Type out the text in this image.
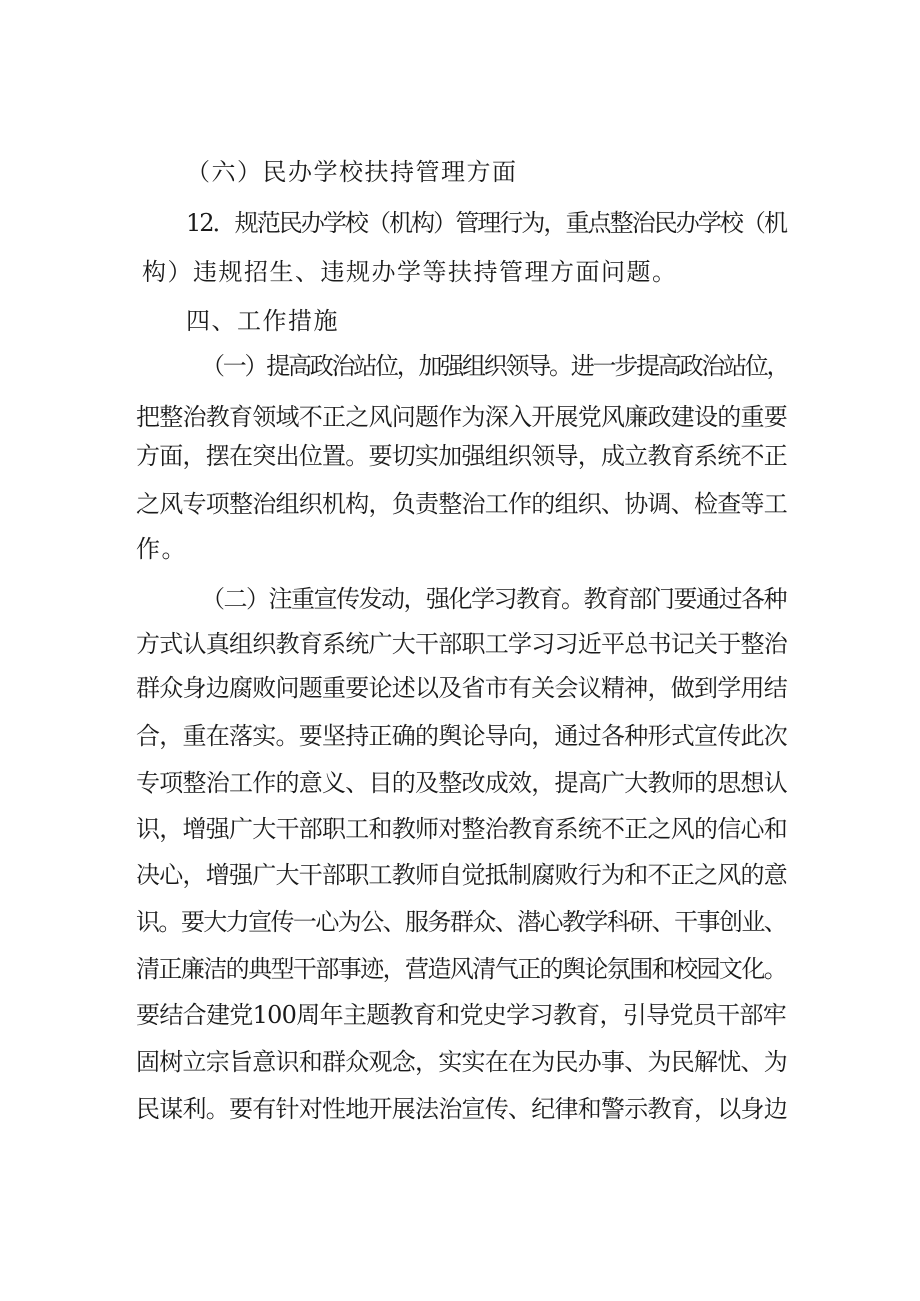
（六）民办学校扶持管理方面
12．规范民办学校（机构）管理行为，重点整治民办学校（机
构）违规招生、违规办学等扶持管理方面问题。
四、工作措施
（一）提高政治站位，加强组织领导。进一步提高政治站位，
把整治教育领域不正之风问题作为深入开展党风廉政建设的重要
方面，摆在突出位置。要切实加强组织领导，成立教育系统不正
之风专项整治组织机构，负责整治工作的组织、协调、检查等工
作。
（二）注重宣传发动，强化学习教育。教育部门要通过各种
方式认真组织教育系统广大干部职工学习习近平总书记关于整治
群众身边腐败问题重要论述以及省市有关会议精神，做到学用结
合，重在落实。要坚持正确的舆论导向，通过各种形式宣传此次
专项整治工作的意义、目的及整改成效，提高广大教师的思想认
识，增强广大干部职工和教师对整治教育系统不正之风的信心和
决心，增强广大干部职工教师自觉抵制腐败行为和不正之风的意
识。要大力宣传一心为公、服务群众、潜心教学科研、干事创业、
清正廉洁的典型干部事迹，营造风清气正的舆论氛围和校园文化。
要结合建党100周年主题教育和党史学习教育，引导党员干部牢
固树立宗旨意识和群众观念，实实在在为民办事、为民解忧、为
民谋利。要有针对性地开展法治宣传、纪律和警示教育，以身边
